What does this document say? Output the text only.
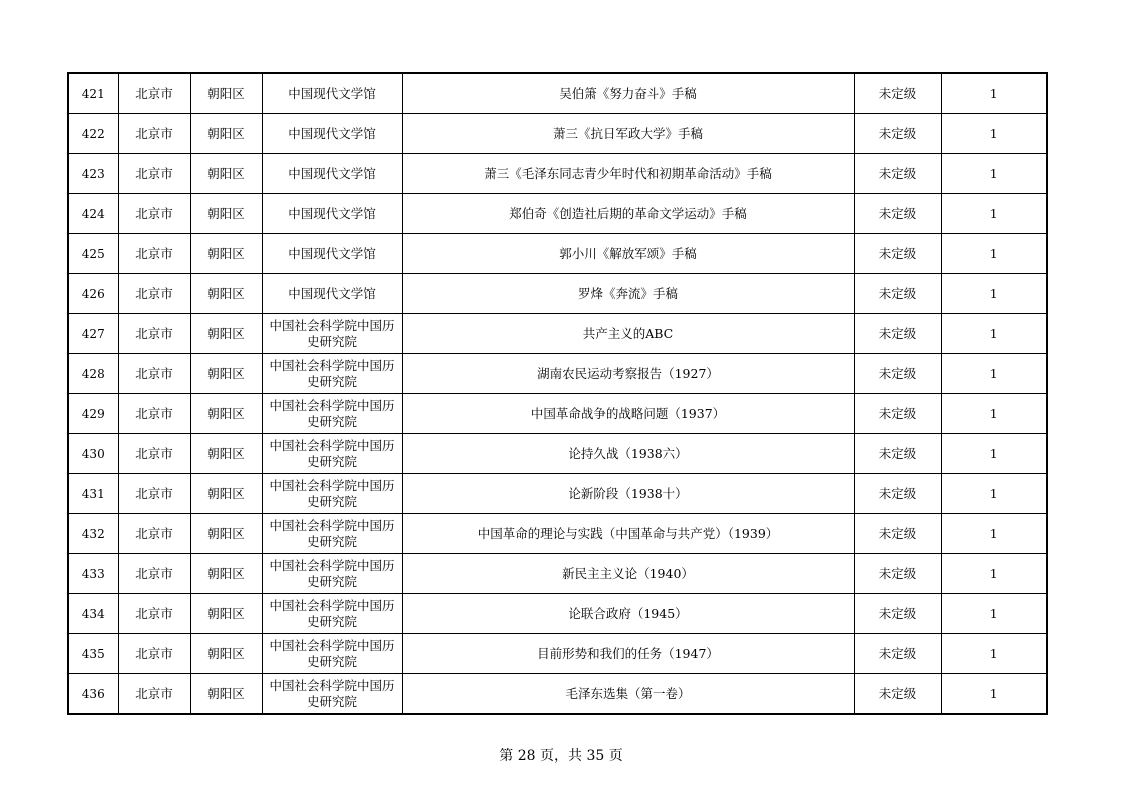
421	北京市	朝阳区	中国现代文学馆	吴伯箫《努力奋斗》手稿	未定级	1
422	北京市	朝阳区	中国现代文学馆	萧三《抗日军政大学》手稿	未定级	1
423	北京市	朝阳区	中国现代文学馆	萧三《毛泽东同志青少年时代和初期革命活动》手稿	未定级	1
424	北京市	朝阳区	中国现代文学馆	郑伯奇《创造社后期的革命文学运动》手稿	未定级	1
425	北京市	朝阳区	中国现代文学馆	郭小川《解放军颂》手稿	未定级	1
426	北京市	朝阳区	中国现代文学馆	罗烽《奔流》手稿	未定级	1
427	北京市	朝阳区	中国社会科学院中国历史研究院	共产主义的ABC	未定级	1
428	北京市	朝阳区	中国社会科学院中国历史研究院	湖南农民运动考察报告（1927）	未定级	1
429	北京市	朝阳区	中国社会科学院中国历史研究院	中国革命战争的战略问题（1937）	未定级	1
430	北京市	朝阳区	中国社会科学院中国历史研究院	论持久战（1938六）	未定级	1
431	北京市	朝阳区	中国社会科学院中国历史研究院	论新阶段（1938十）	未定级	1
432	北京市	朝阳区	中国社会科学院中国历史研究院	中国革命的理论与实践（中国革命与共产党）（1939）	未定级	1
433	北京市	朝阳区	中国社会科学院中国历史研究院	新民主主义论（1940）	未定级	1
434	北京市	朝阳区	中国社会科学院中国历史研究院	论联合政府（1945）	未定级	1
435	北京市	朝阳区	中国社会科学院中国历史研究院	目前形势和我们的任务（1947）	未定级	1
436	北京市	朝阳区	中国社会科学院中国历史研究院	毛泽东选集（第一卷）	未定级	1
第 28 页，共 35 页
